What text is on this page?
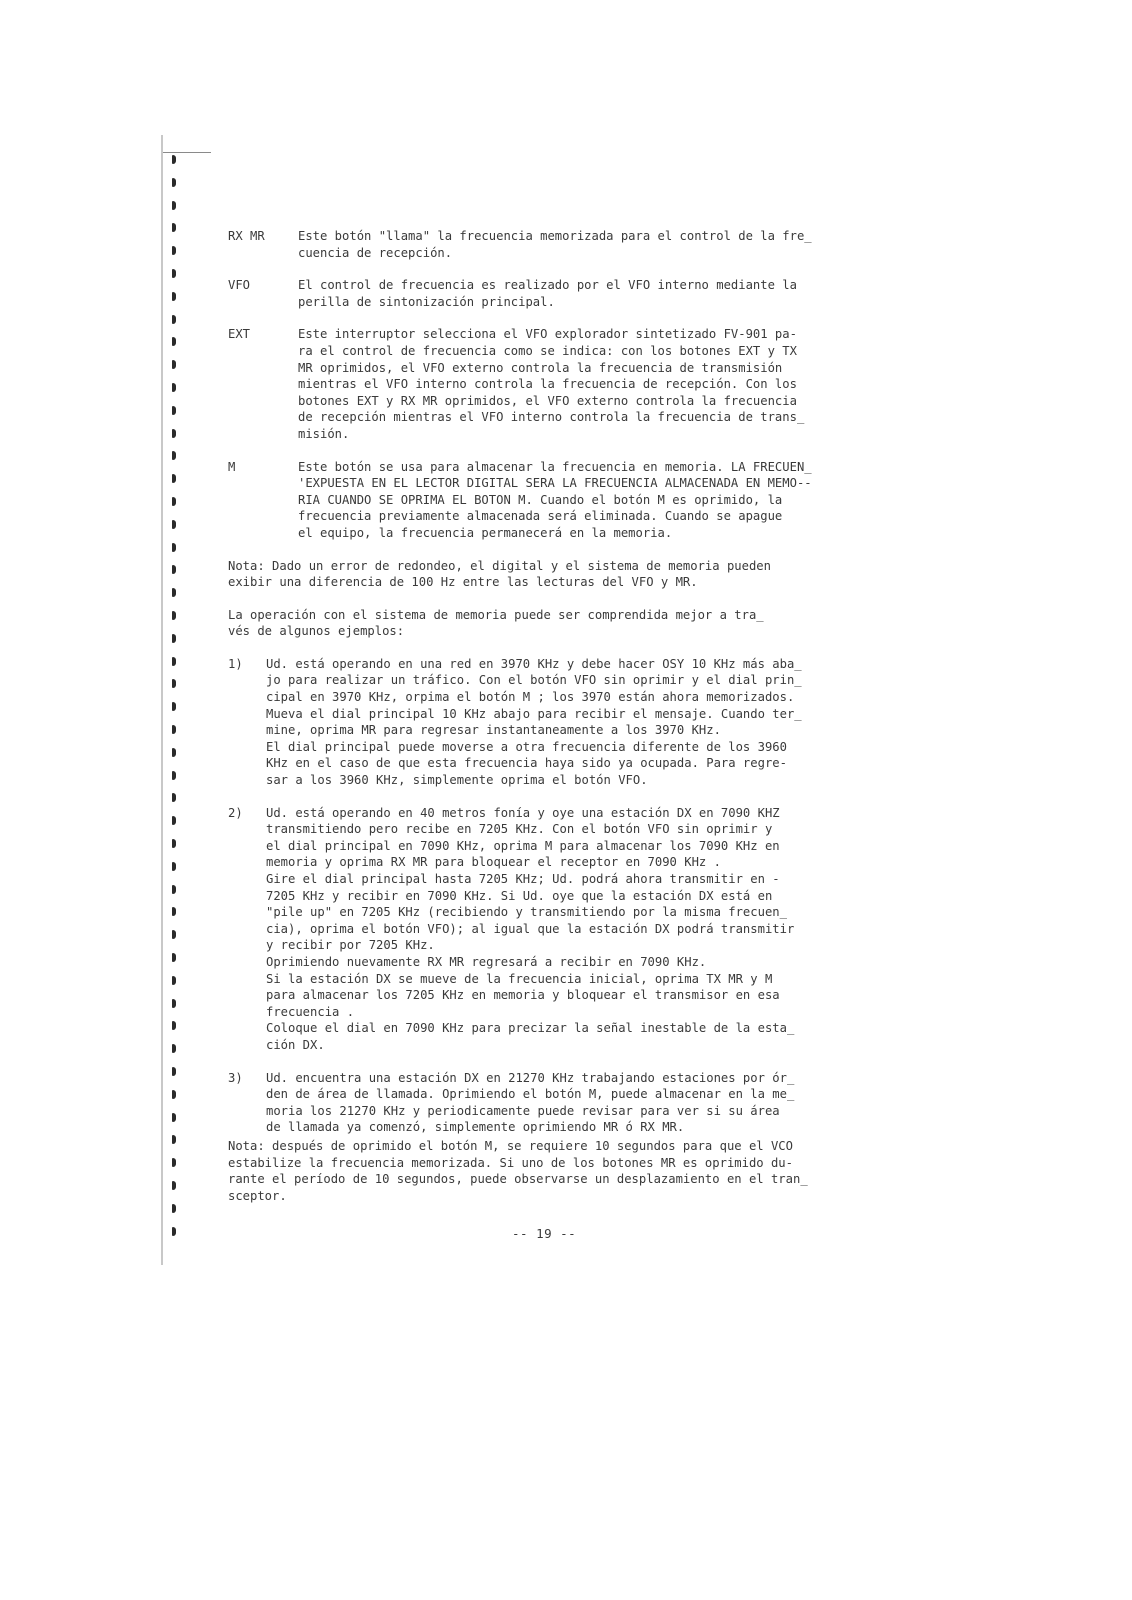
RX MR	Este botón "llama" la frecuencia memorizada para el control de la fre_
cuencia de recepción.
VFO	El control de frecuencia es realizado por el VFO interno mediante la
perilla de sintonización principal.
EXT	Este interruptor selecciona el VFO explorador sintetizado FV-901 pa-
ra el control de frecuencia como se indica: con los botones EXT y TX
MR oprimidos, el VFO externo controla la frecuencia de transmisión
mientras el VFO interno controla la frecuencia de recepción. Con los
botones EXT y RX MR oprimidos, el VFO externo controla la frecuencia
de recepción mientras el VFO interno controla la frecuencia de trans_
misión.
M	Este botón se usa para almacenar la frecuencia en memoria. LA FRECUEN_
'EXPUESTA EN EL LECTOR DIGITAL SERA LA FRECUENCIA ALMACENADA EN MEMO--
RIA CUANDO SE OPRIMA EL BOTON M. Cuando el botón M es oprimido, la
frecuencia previamente almacenada será eliminada. Cuando se apague
el equipo, la frecuencia permanecerá en la memoria.

Nota: Dado un error de redondeo, el digital y el sistema de memoria pueden
exibir una diferencia de 100 Hz entre las lecturas del VFO y MR.

La operación con el sistema de memoria puede ser comprendida mejor a tra_
vés de algunos ejemplos:

1)	Ud. está operando en una red en 3970 KHz y debe hacer OSY 10 KHz más aba_
jo para realizar un tráfico. Con el botón VFO sin oprimir y el dial prin_
cipal en 3970 KHz, orpima el botón M ; los 3970 están ahora memorizados.
Mueva el dial principal 10 KHz abajo para recibir el mensaje. Cuando ter_
mine, oprima MR para regresar instantaneamente a los 3970 KHz.
El dial principal puede moverse a otra frecuencia diferente de los 3960
KHz en el caso de que esta frecuencia haya sido ya ocupada. Para regre-
sar a los 3960 KHz, simplemente oprima el botón VFO.
2)	Ud. está operando en 40 metros fonía y oye una estación DX en 7090 KHZ
transmitiendo pero recibe en 7205 KHz. Con el botón VFO sin oprimir y
el dial principal en 7090 KHz, oprima M para almacenar los 7090 KHz en
memoria y oprima RX MR para bloquear el receptor en 7090 KHz .
Gire el dial principal hasta 7205 KHz; Ud. podrá ahora transmitir en -
7205 KHz y recibir en 7090 KHz. Si Ud. oye que la estación DX está en
"pile up" en 7205 KHz (recibiendo y transmitiendo por la misma frecuen_
cia), oprima el botón VFO); al igual que la estación DX podrá transmitir
y recibir por 7205 KHz.
Oprimiendo nuevamente RX MR regresará a recibir en 7090 KHz.
Si la estación DX se mueve de la frecuencia inicial, oprima TX MR y M
para almacenar los 7205 KHz en memoria y bloquear el transmisor en esa
frecuencia .
Coloque el dial en 7090 KHz para precizar la señal inestable de la esta_
ción DX.
3)	Ud. encuentra una estación DX en 21270 KHz trabajando estaciones por ór_
den de área de llamada. Oprimiendo el botón M, puede almacenar en la me_
moria los 21270 KHz y periodicamente puede revisar para ver si su área
de llamada ya comenzó, simplemente oprimiendo MR ó RX MR.

Nota: después de oprimido el botón M, se requiere 10 segundos para que el VCO
estabilize la frecuencia memorizada. Si uno de los botones MR es oprimido du-
rante el período de 10 segundos, puede observarse un desplazamiento en el tran_
sceptor.

-- 19 --
